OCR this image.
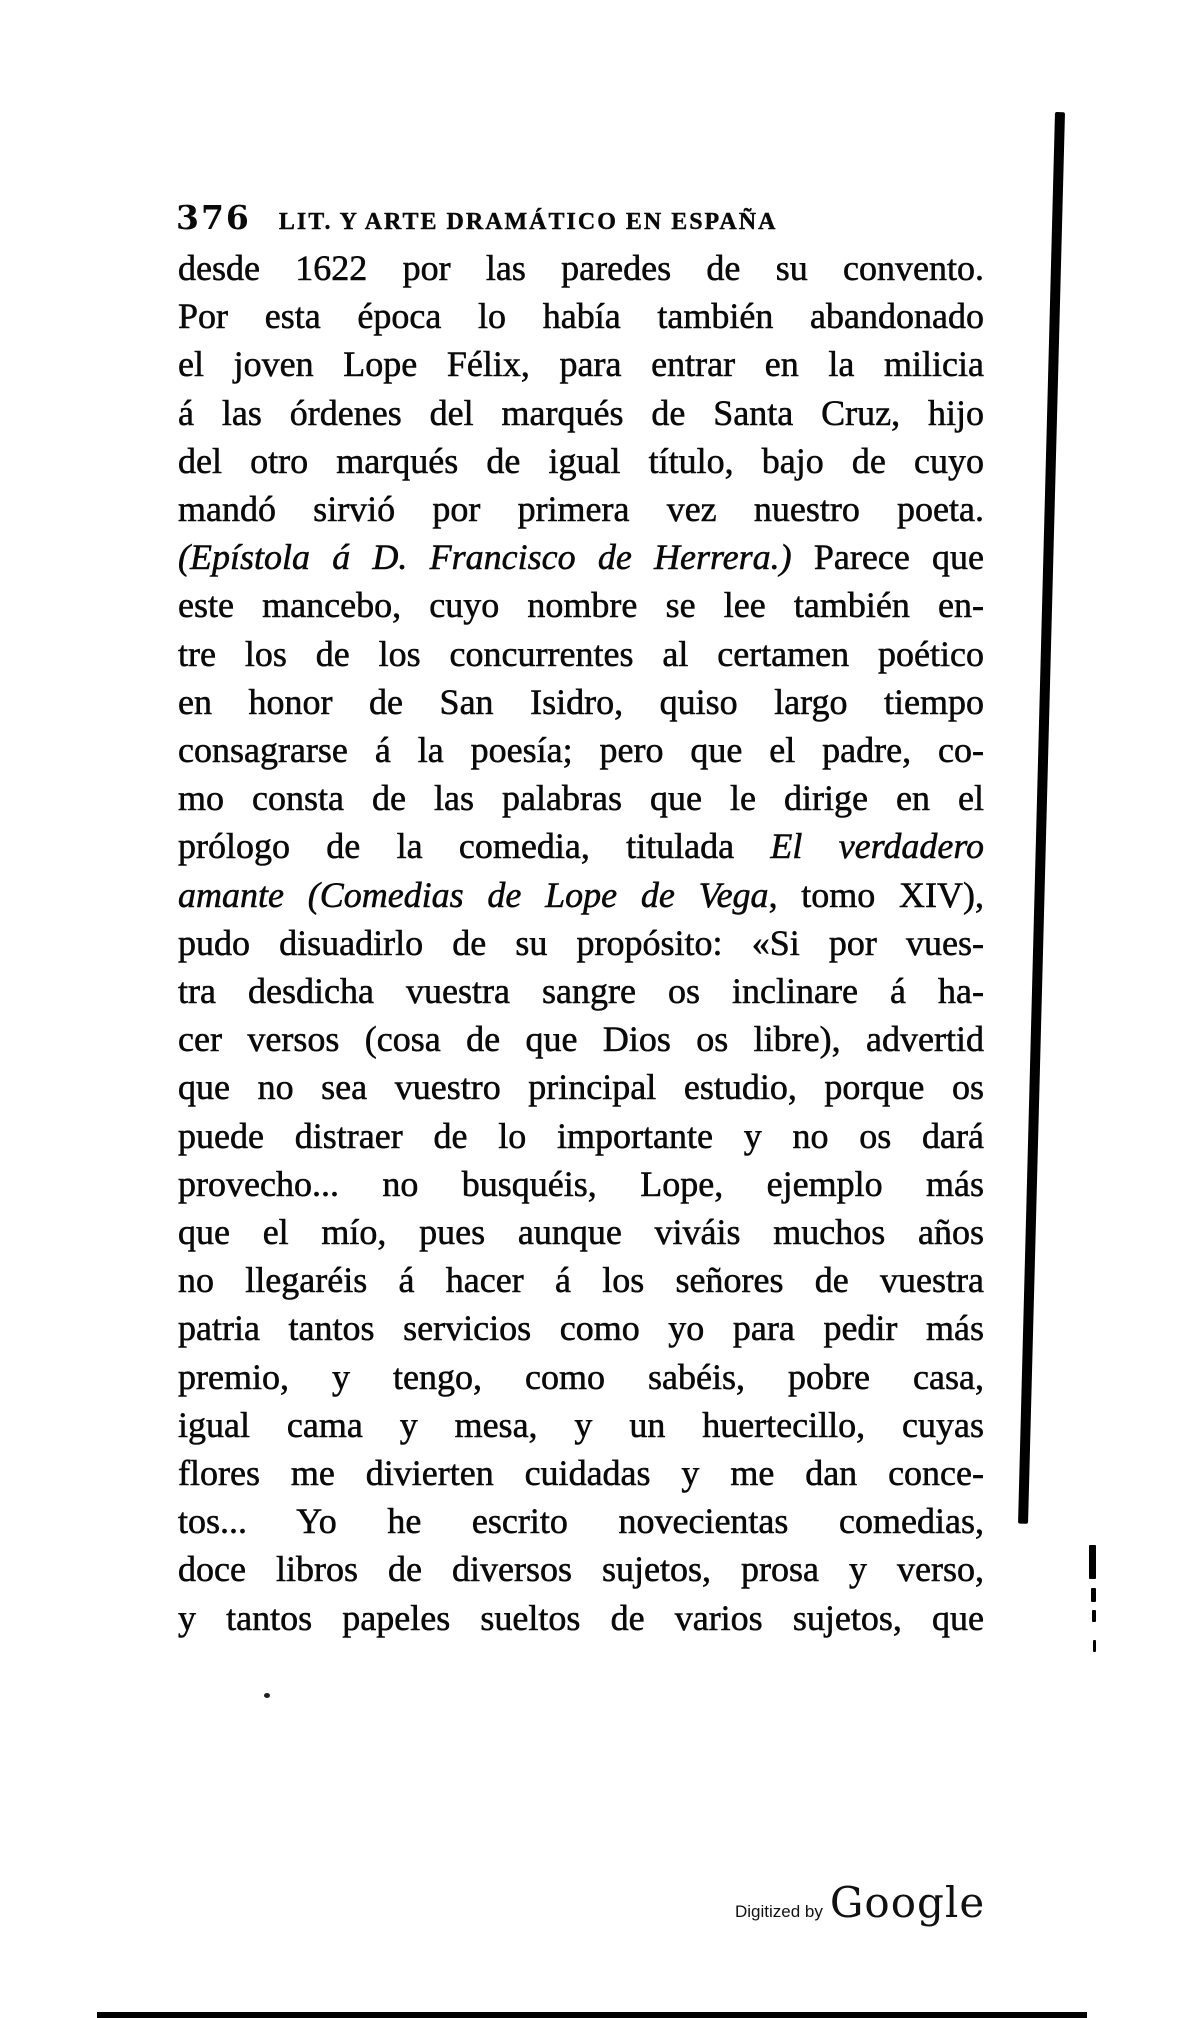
376 LIT. Y ARTE DRAMÁTICO EN ESPAÑA
desde 1622 por las paredes de su convento.
Por esta época lo había también abandonado
el joven Lope Félix, para entrar en la milicia
á las órdenes del marqués de Santa Cruz, hijo
del otro marqués de igual título, bajo de cuyo
mandó sirvió por primera vez nuestro poeta.
(Epístola á D. Francisco de Herrera.) Parece que
este mancebo, cuyo nombre se lee también en-
tre los de los concurrentes al certamen poético
en honor de San Isidro, quiso largo tiempo
consagrarse á la poesía; pero que el padre, co-
mo consta de las palabras que le dirige en el
prólogo de la comedia, titulada El verdadero
amante (Comedias de Lope de Vega, tomo XIV),
pudo disuadirlo de su propósito: «Si por vues-
tra desdicha vuestra sangre os inclinare á ha-
cer versos (cosa de que Dios os libre), advertid
que no sea vuestro principal estudio, porque os
puede distraer de lo importante y no os dará
provecho... no busquéis, Lope, ejemplo más
que el mío, pues aunque viváis muchos años
no llegaréis á hacer á los señores de vuestra
patria tantos servicios como yo para pedir más
premio, y tengo, como sabéis, pobre casa,
igual cama y mesa, y un huertecillo, cuyas
flores me divierten cuidadas y me dan conce-
tos... Yo he escrito novecientas comedias,
doce libros de diversos sujetos, prosa y verso,
y tantos papeles sueltos de varios sujetos, que
Digitized by Google
